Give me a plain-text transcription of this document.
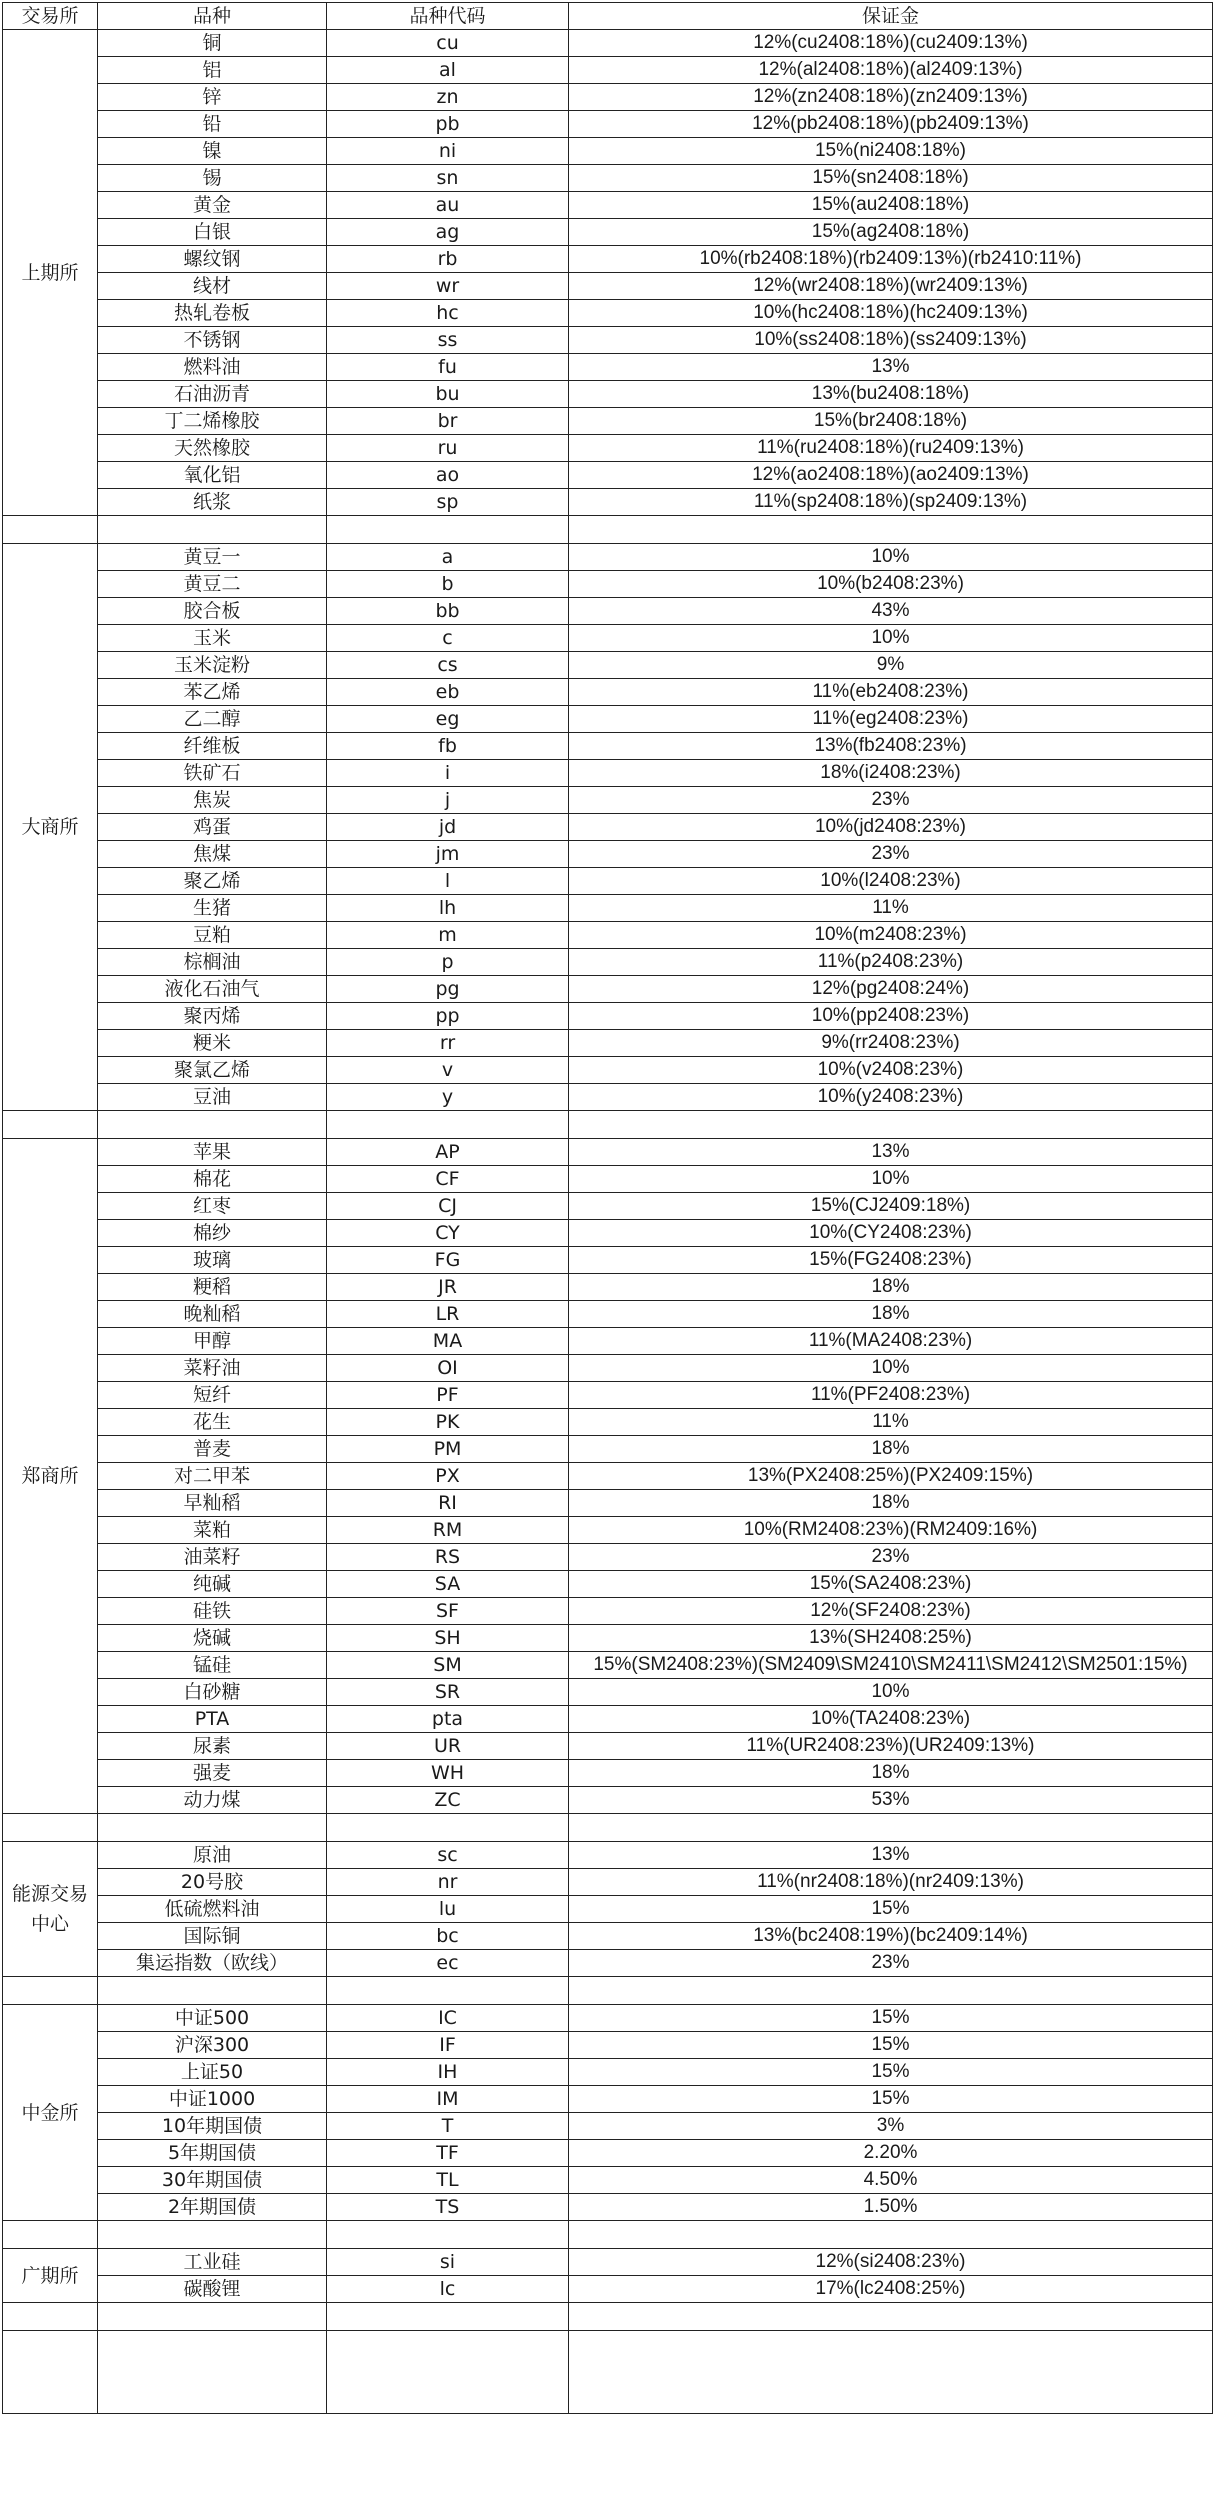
交易所	品种	品种代码	保证金
上期所	铜	cu	12%(cu2408:18%)(cu2409:13%)
	铝	al	12%(al2408:18%)(al2409:13%)
	锌	zn	12%(zn2408:18%)(zn2409:13%)
	铅	pb	12%(pb2408:18%)(pb2409:13%)
	镍	ni	15%(ni2408:18%)
	锡	sn	15%(sn2408:18%)
	黄金	au	15%(au2408:18%)
	白银	ag	15%(ag2408:18%)
	螺纹钢	rb	10%(rb2408:18%)(rb2409:13%)(rb2410:11%)
	线材	wr	12%(wr2408:18%)(wr2409:13%)
	热轧卷板	hc	10%(hc2408:18%)(hc2409:13%)
	不锈钢	ss	10%(ss2408:18%)(ss2409:13%)
	燃料油	fu	13%
	石油沥青	bu	13%(bu2408:18%)
	丁二烯橡胶	br	15%(br2408:18%)
	天然橡胶	ru	11%(ru2408:18%)(ru2409:13%)
	氧化铝	ao	12%(ao2408:18%)(ao2409:13%)
	纸浆	sp	11%(sp2408:18%)(sp2409:13%)

大商所	黄豆一	a	10%
	黄豆二	b	10%(b2408:23%)
	胶合板	bb	43%
	玉米	c	10%
	玉米淀粉	cs	9%
	苯乙烯	eb	11%(eb2408:23%)
	乙二醇	eg	11%(eg2408:23%)
	纤维板	fb	13%(fb2408:23%)
	铁矿石	i	18%(i2408:23%)
	焦炭	j	23%
	鸡蛋	jd	10%(jd2408:23%)
	焦煤	jm	23%
	聚乙烯	l	10%(l2408:23%)
	生猪	lh	11%
	豆粕	m	10%(m2408:23%)
	棕榈油	p	11%(p2408:23%)
	液化石油气	pg	12%(pg2408:24%)
	聚丙烯	pp	10%(pp2408:23%)
	粳米	rr	9%(rr2408:23%)
	聚氯乙烯	v	10%(v2408:23%)
	豆油	y	10%(y2408:23%)

郑商所	苹果	AP	13%
	棉花	CF	10%
	红枣	CJ	15%(CJ2409:18%)
	棉纱	CY	10%(CY2408:23%)
	玻璃	FG	15%(FG2408:23%)
	粳稻	JR	18%
	晚籼稻	LR	18%
	甲醇	MA	11%(MA2408:23%)
	菜籽油	OI	10%
	短纤	PF	11%(PF2408:23%)
	花生	PK	11%
	普麦	PM	18%
	对二甲苯	PX	13%(PX2408:25%)(PX2409:15%)
	早籼稻	RI	18%
	菜粕	RM	10%(RM2408:23%)(RM2409:16%)
	油菜籽	RS	23%
	纯碱	SA	15%(SA2408:23%)
	硅铁	SF	12%(SF2408:23%)
	烧碱	SH	13%(SH2408:25%)
	锰硅	SM	15%(SM2408:23%)(SM2409\SM2410\SM2411\SM2412\SM2501:15%)
	白砂糖	SR	10%
	PTA	pta	10%(TA2408:23%)
	尿素	UR	11%(UR2408:23%)(UR2409:13%)
	强麦	WH	18%
	动力煤	ZC	53%

能源交易中心	原油	sc	13%
	20号胶	nr	11%(nr2408:18%)(nr2409:13%)
	低硫燃料油	lu	15%
	国际铜	bc	13%(bc2408:19%)(bc2409:14%)
	集运指数（欧线）	ec	23%

中金所	中证500	IC	15%
	沪深300	IF	15%
	上证50	IH	15%
	中证1000	IM	15%
	10年期国债	T	3%
	5年期国债	TF	2.20%
	30年期国债	TL	4.50%
	2年期国债	TS	1.50%

广期所	工业硅	si	12%(si2408:23%)
	碳酸锂	lc	17%(lc2408:25%)
